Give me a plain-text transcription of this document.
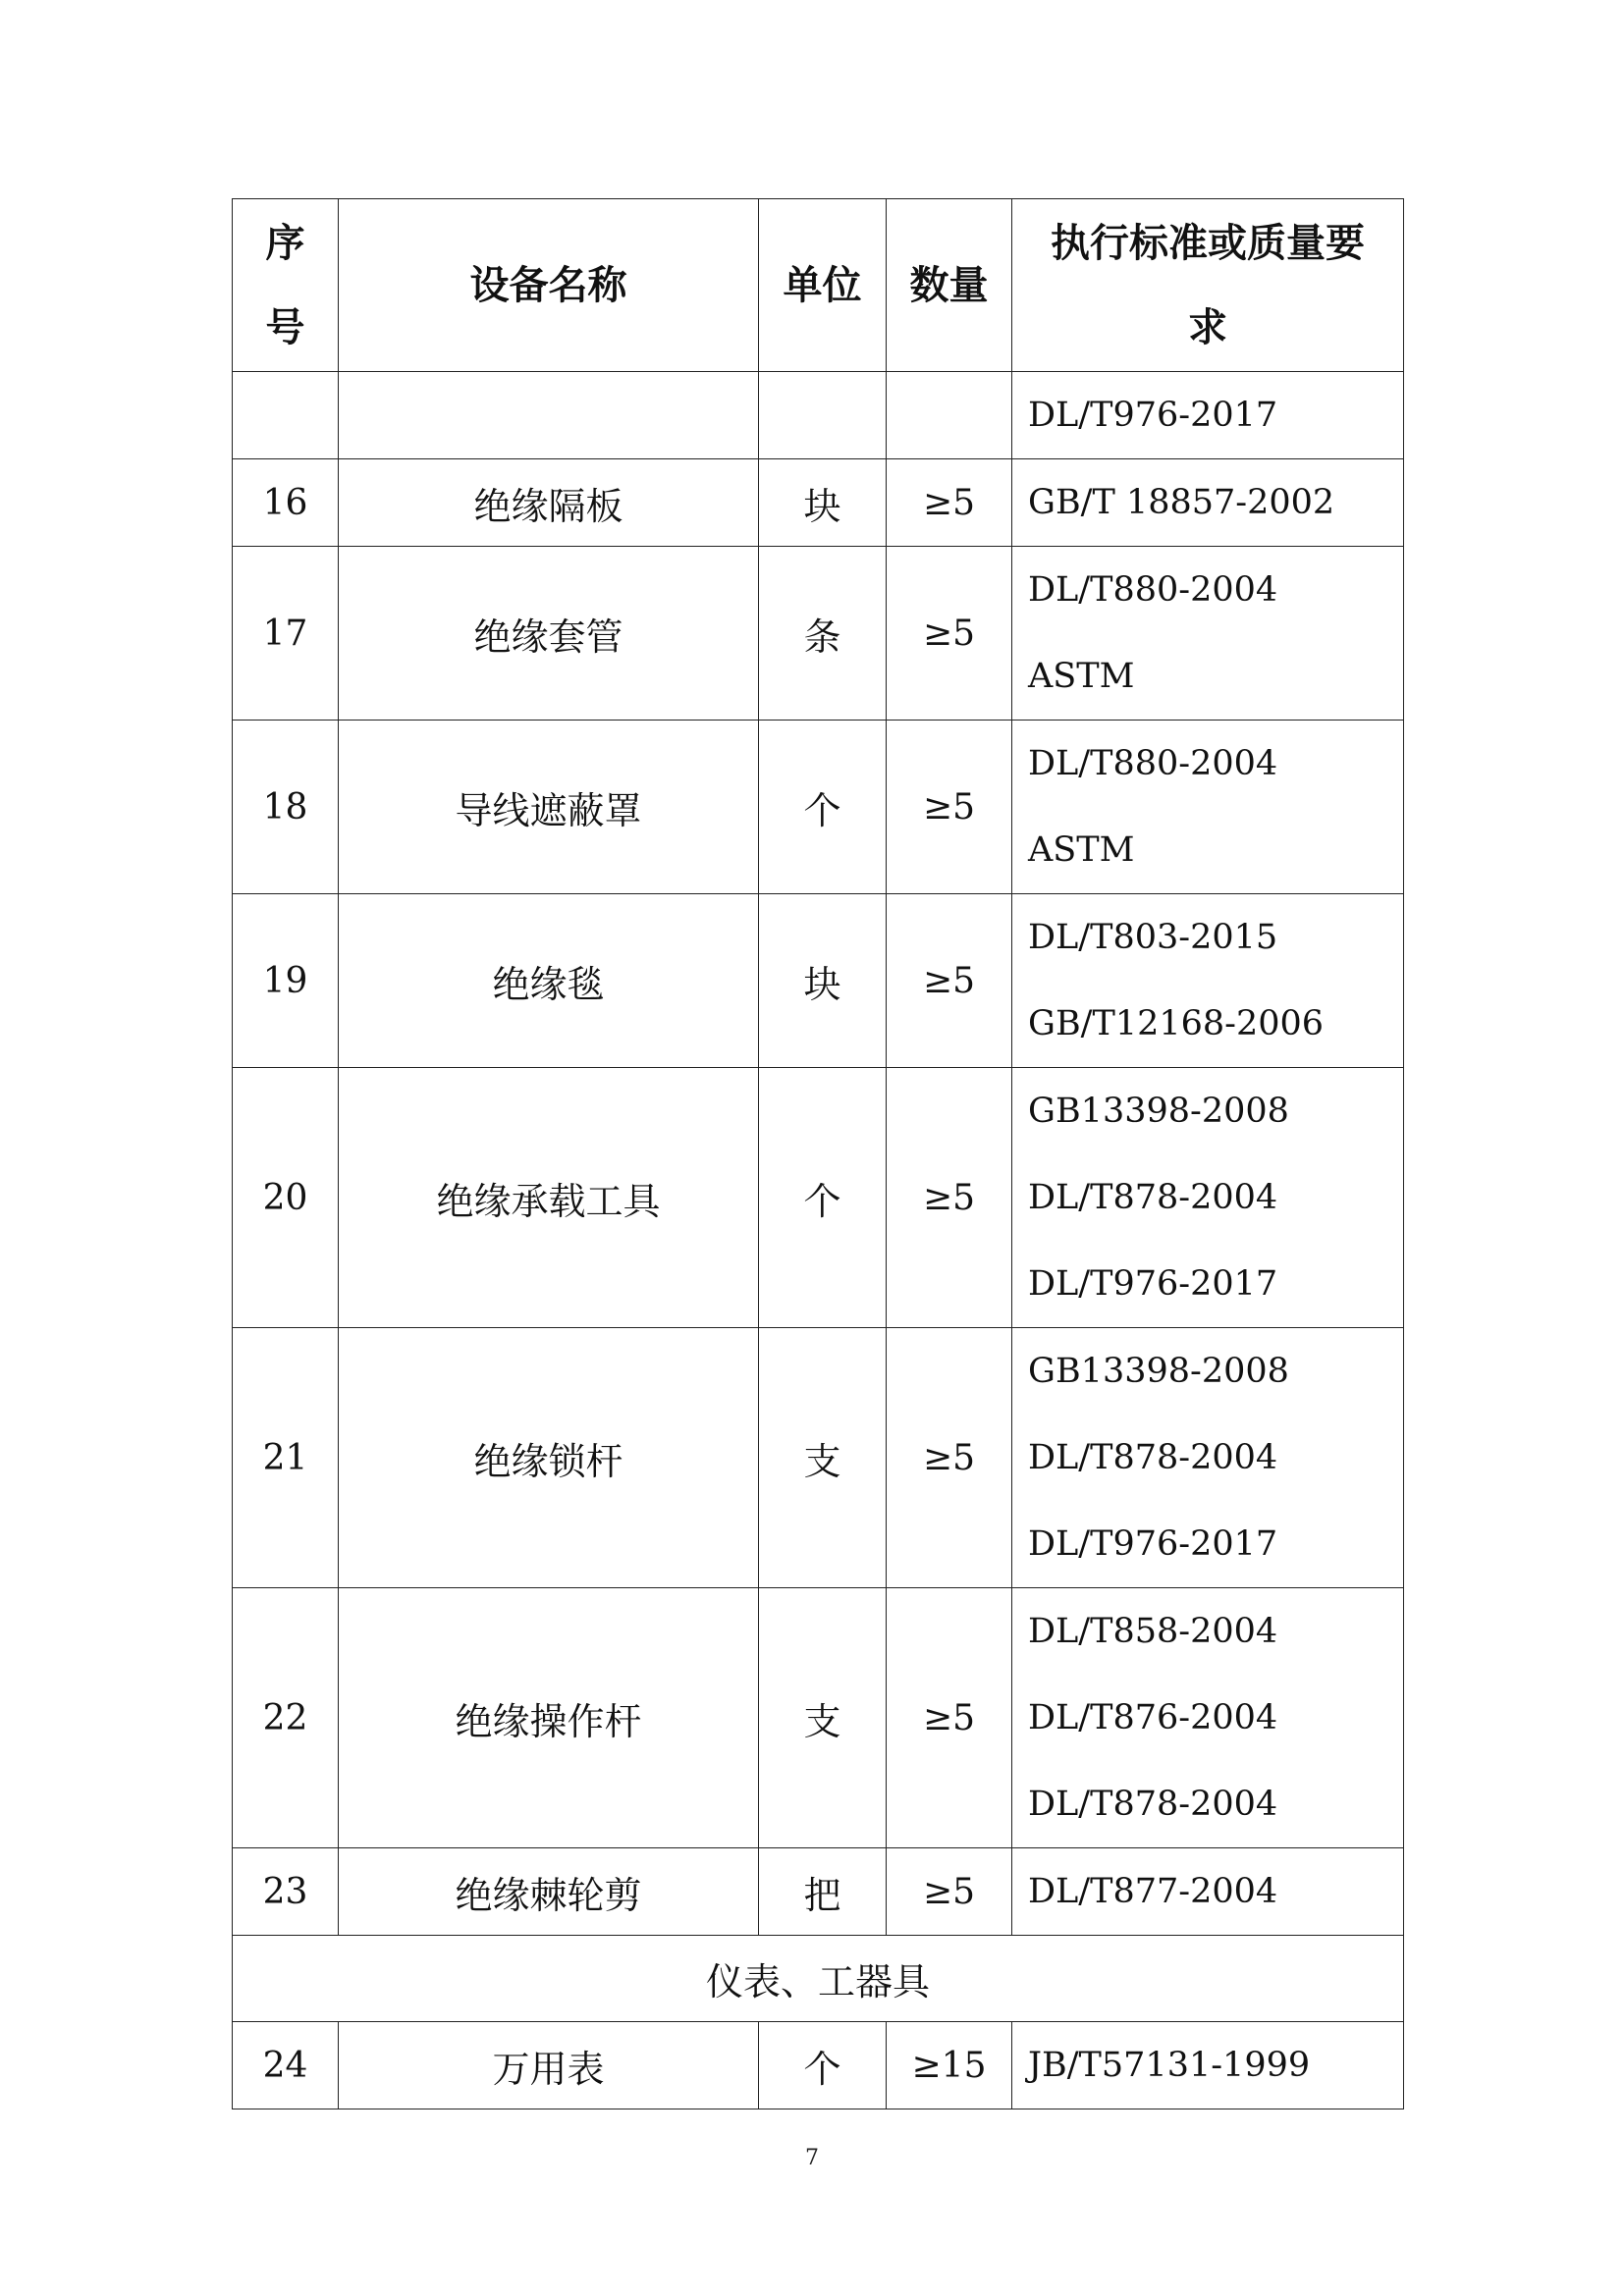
序号	设备名称	单位	数量	执行标准或质量要
求

				DL/T976-2017

16	绝缘隔板	块	≥5	GB/T 18857-2002

17	绝缘套管	条	≥5	DL/T880-2004
ASTM

18	导线遮蔽罩	个	≥5	DL/T880-2004
ASTM

19	绝缘毯	块	≥5	DL/T803-2015
GB/T12168-2006

20	绝缘承载工具	个	≥5	GB13398-2008
DL/T878-2004
DL/T976-2017

21	绝缘锁杆	支	≥5	GB13398-2008
DL/T878-2004
DL/T976-2017

22	绝缘操作杆	支	≥5	DL/T858-2004
DL/T876-2004
DL/T878-2004

23	绝缘棘轮剪	把	≥5	DL/T877-2004

仪表、工器具				
24	万用表	个	≥15	JB/T57131-1999
7
